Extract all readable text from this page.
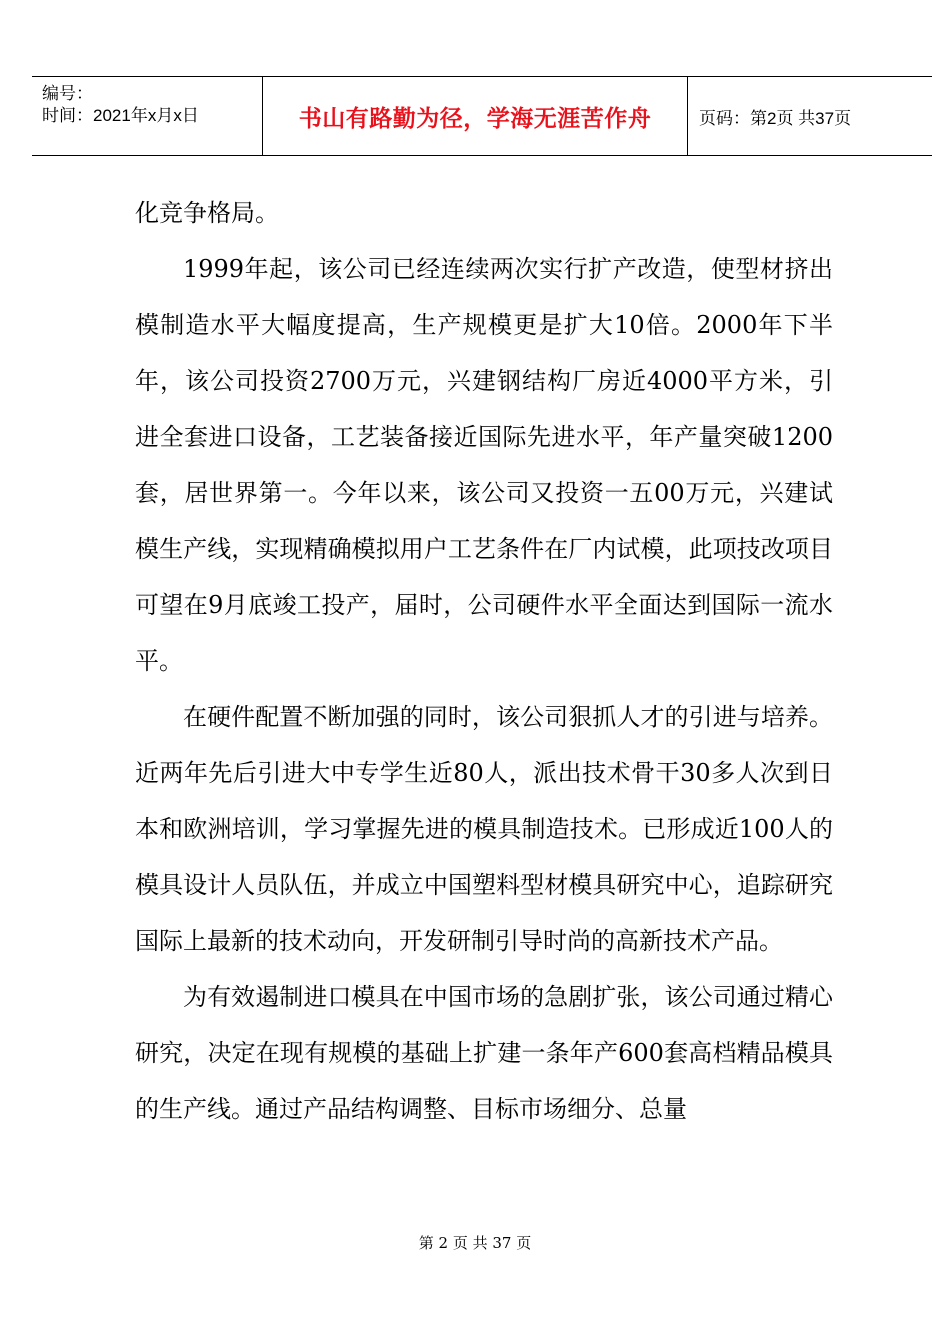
编号：
时间：2021年x月x日	书山有路勤为径，学海无涯苦作舟	页码：第2页 共37页

化竞争格局。

1999年起，该公司已经连续两次实行扩产改造，使型材挤出模制造水平大幅度提高，生产规模更是扩大10倍。2000年下半年，该公司投资2700万元，兴建钢结构厂房近4000平方米，引进全套进口设备，工艺装备接近国际先进水平，年产量突破1200套，居世界第一。今年以来，该公司又投资一五00万元，兴建试模生产线，实现精确模拟用户工艺条件在厂内试模，此项技改项目可望在9月底竣工投产，届时，公司硬件水平全面达到国际一流水平。

在硬件配置不断加强的同时，该公司狠抓人才的引进与培养。近两年先后引进大中专学生近80人，派出技术骨干30多人次到日本和欧洲培训，学习掌握先进的模具制造技术。已形成近100人的模具设计人员队伍，并成立中国塑料型材模具研究中心，追踪研究国际上最新的技术动向，开发研制引导时尚的高新技术产品。

为有效遏制进口模具在中国市场的急剧扩张，该公司通过精心研究，决定在现有规模的基础上扩建一条年产600套高档精品模具的生产线。通过产品结构调整、目标市场细分、总量

第 2 页 共 37 页
